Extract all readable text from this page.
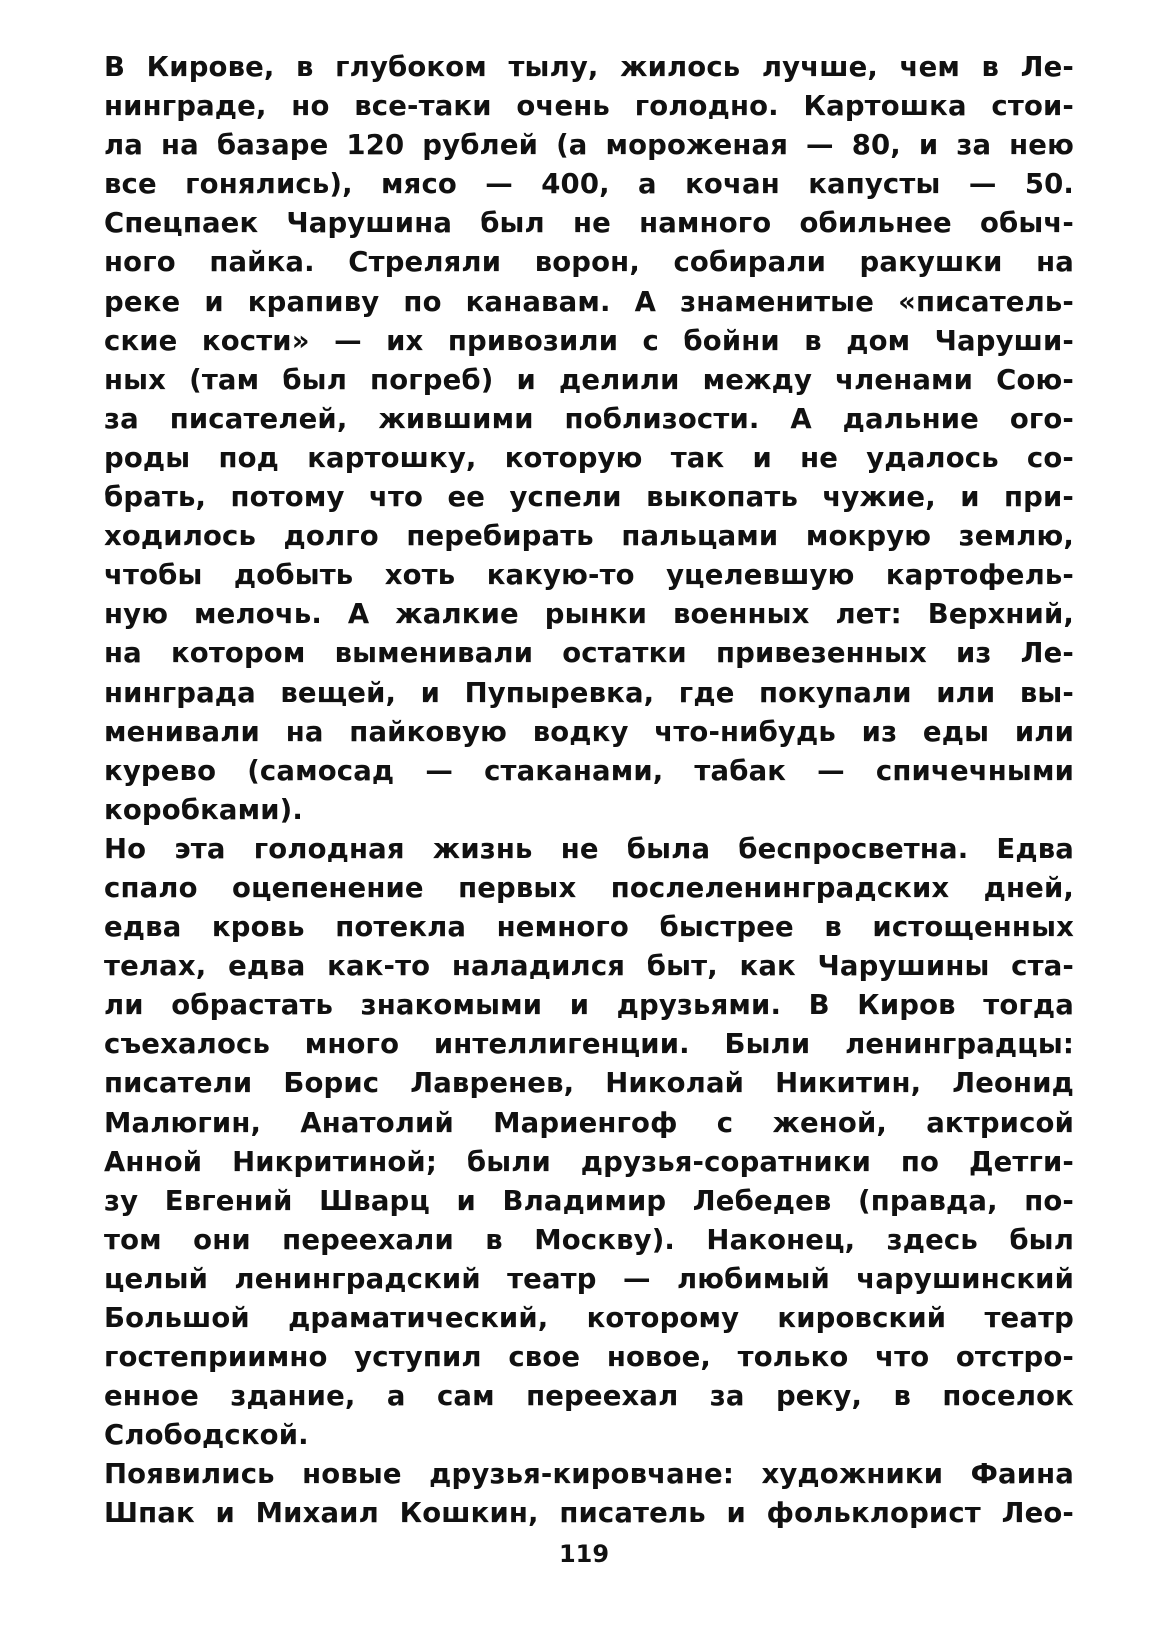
В Кирове, в глубоком тылу, жилось лучше, чем в Ле-
нинграде, но все-таки очень голодно. Картошка стои-
ла на базаре 120 рублей (а мороженая — 80, и за нею
все гонялись), мясо — 400, а кочан капусты — 50.
Спецпаек Чарушина был не намного обильнее обыч-
ного пайка. Стреляли ворон, собирали ракушки на
реке и крапиву по канавам. А знаменитые «писатель-
ские кости» — их привозили с бойни в дом Чаруши-
ных (там был погреб) и делили между членами Сою-
за писателей, жившими поблизости. А дальние ого-
роды под картошку, которую так и не удалось со-
брать, потому что ее успели выкопать чужие, и при-
ходилось долго перебирать пальцами мокрую землю,
чтобы добыть хоть какую-то уцелевшую картофель-
ную мелочь. А жалкие рынки военных лет: Верхний,
на котором выменивали остатки привезенных из Ле-
нинграда вещей, и Пупыревка, где покупали или вы-
менивали на пайковую водку что-нибудь из еды или
курево (самосад — стаканами, табак — спичечными
коробками).
Но эта голодная жизнь не была беспросветна. Едва
спало оцепенение первых послеленинградских дней,
едва кровь потекла немного быстрее в истощенных
телах, едва как-то наладился быт, как Чарушины ста-
ли обрастать знакомыми и друзьями. В Киров тогда
съехалось много интеллигенции. Были ленинградцы:
писатели Борис Лавренев, Николай Никитин, Леонид
Малюгин, Анатолий Мариенгоф с женой, актрисой
Анной Никритиной; были друзья-соратники по Детги-
зу Евгений Шварц и Владимир Лебедев (правда, по-
том они переехали в Москву). Наконец, здесь был
целый ленинградский театр — любимый чарушинский
Большой драматический, которому кировский театр
гостеприимно уступил свое новое, только что отстро-
енное здание, а сам переехал за реку, в поселок
Слободской.
Появились новые друзья-кировчане: художники Фаина
Шпак и Михаил Кошкин, писатель и фольклорист Лео-
119
